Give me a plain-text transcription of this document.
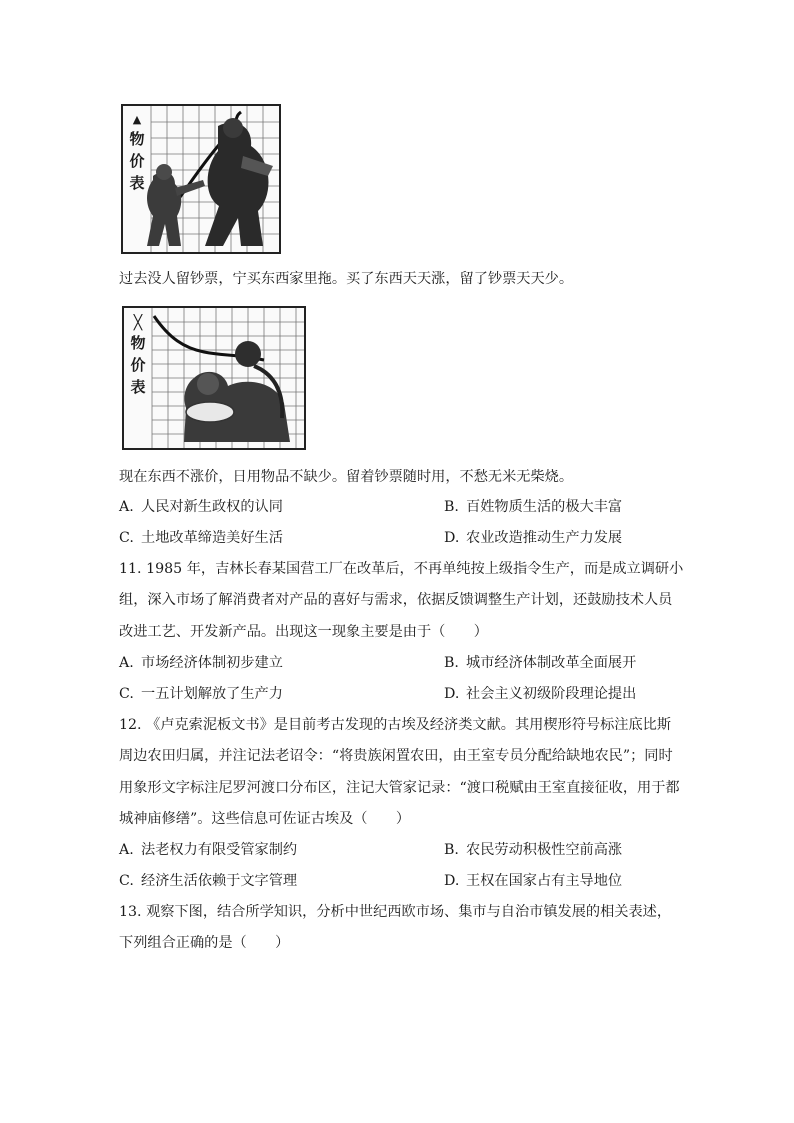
▲
物
价
表
过去没人留钞票，宁买东西家里拖。买了东西天天涨，留了钞票天天少。
╳
物
价
表
现在东西不涨价，日用物品不缺少。留着钞票随时用，不愁无米无柴烧。
A. 人民对新生政权的认同	B. 百姓物质生活的极大丰富
C. 土地改革缔造美好生活	D. 农业改造推动生产力发展
11. 1985 年，吉林长春某国营工厂在改革后，不再单纯按上级指令生产，而是成立调研小
组，深入市场了解消费者对产品的喜好与需求，依据反馈调整生产计划，还鼓励技术人员
改进工艺、开发新产品。出现这一现象主要是由于（　　）
A. 市场经济体制初步建立	B. 城市经济体制改革全面展开
C. 一五计划解放了生产力	D. 社会主义初级阶段理论提出
12. 《卢克索泥板文书》是目前考古发现的古埃及经济类文献。其用楔形符号标注底比斯
周边农田归属，并注记法老诏令：“将贵族闲置农田，由王室专员分配给缺地农民”；同时
用象形文字标注尼罗河渡口分布区，注记大管家记录：“渡口税赋由王室直接征收，用于都
城神庙修缮”。这些信息可佐证古埃及（　　）
A. 法老权力有限受管家制约	B. 农民劳动积极性空前高涨
C. 经济生活依赖于文字管理	D. 王权在国家占有主导地位
13. 观察下图，结合所学知识，分析中世纪西欧市场、集市与自治市镇发展的相关表述，
下列组合正确的是（　　）
